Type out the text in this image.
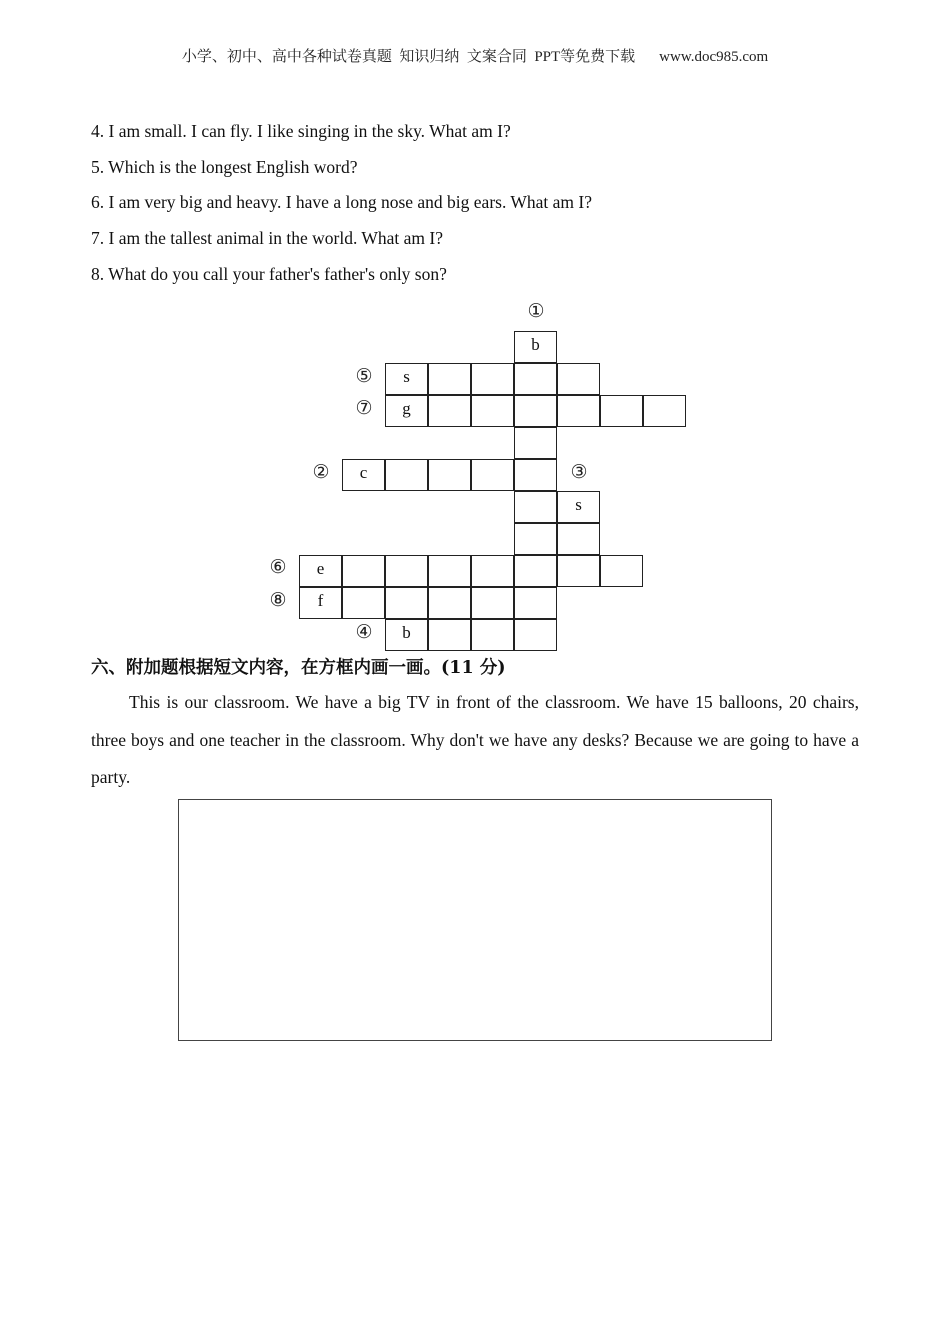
小学、初中、高中各种试卷真题  知识归纳  文案合同  PPT等免费下载 www.doc985.com
4. I am small. I can fly. I like singing in the sky. What am I?
5. Which is the longest English word?
6. I am very big and heavy. I have a long nose and big ears. What am I?
7. I am the tallest animal in the world. What am I?
8. What do you call your father's father's only son?
①
⑤
⑦
②	③
⑥
⑧
④
b
s
g
c
s
e
f
b
六、附加题根据短文内容，在方框内画一画。(11 分)
This is our classroom. We have a big TV in front of the classroom. We have 15 balloons, 20 chairs, three boys and one teacher in the classroom. Why don't we have any desks? Because we are going to have a party.
